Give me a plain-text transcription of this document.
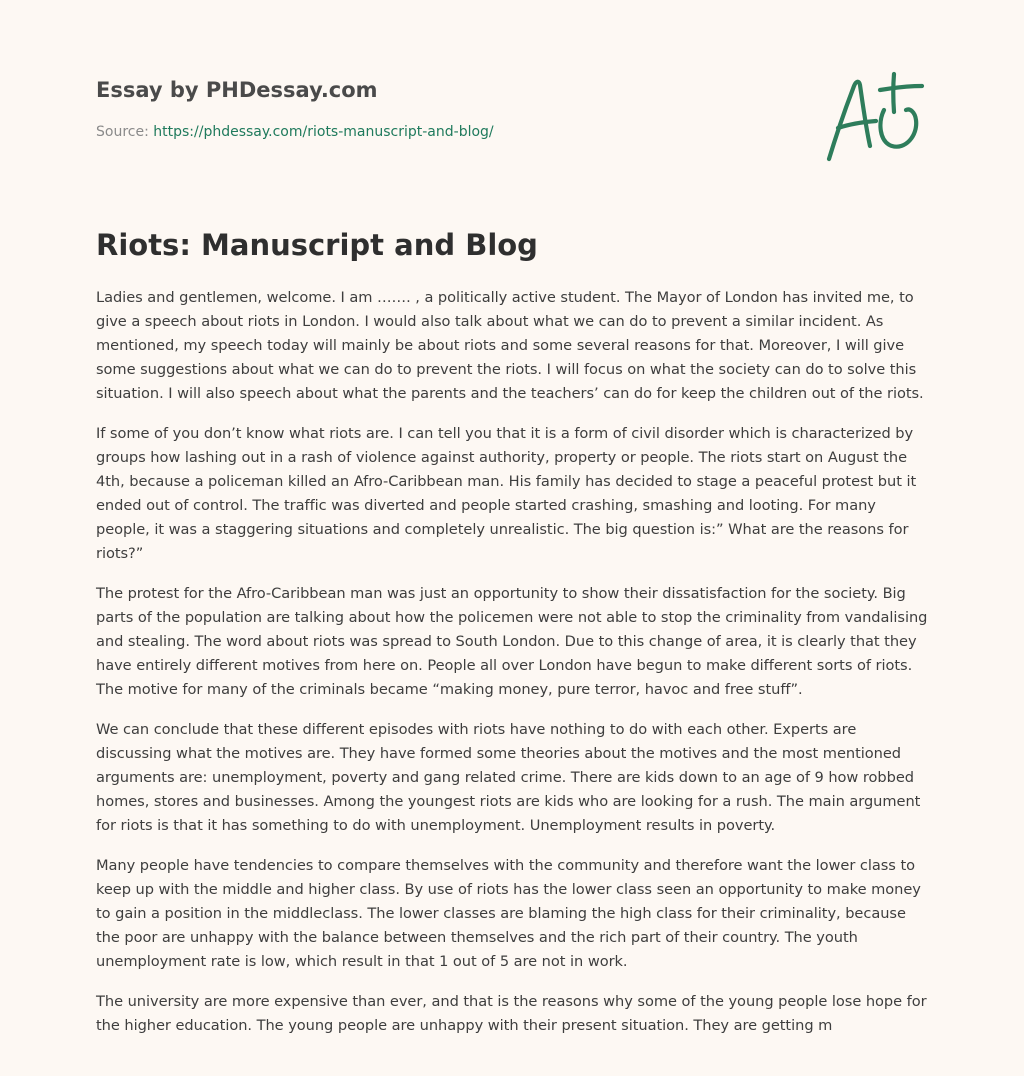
Essay by PHDessay.com
Source: https://phdessay.com/riots-manuscript-and-blog/
Riots: Manuscript and Blog

Ladies and gentlemen, welcome. I am ……. , a politically active student. The Mayor of London has invited me, to give a speech about riots in London. I would also talk about what we can do to prevent a similar incident. As mentioned, my speech today will mainly be about riots and some several reasons for that. Moreover, I will give some suggestions about what we can do to prevent the riots. I will focus on what the society can do to solve this situation. I will also speech about what the parents and the teachers’ can do for keep the children out of the riots.

If some of you don’t know what riots are. I can tell you that it is a form of civil disorder which is characterized by groups how lashing out in a rash of violence against authority, property or people. The riots start on August the 4th, because a policeman killed an Afro-Caribbean man. His family has decided to stage a peaceful protest but it ended out of control. The traffic was diverted and people started crashing, smashing and looting. For many people, it was a staggering situations and completely unrealistic. The big question is:” What are the reasons for riots?”

The protest for the Afro-Caribbean man was just an opportunity to show their dissatisfaction for the society. Big parts of the population are talking about how the policemen were not able to stop the criminality from vandalising and stealing. The word about riots was spread to South London. Due to this change of area, it is clearly that they have entirely different motives from here on. People all over London have begun to make different sorts of riots. The motive for many of the criminals became “making money, pure terror, havoc and free stuff”.

We can conclude that these different episodes with riots have nothing to do with each other. Experts are discussing what the motives are. They have formed some theories about the motives and the most mentioned arguments are: unemployment, poverty and gang related crime. There are kids down to an age of 9 how robbed homes, stores and businesses. Among the youngest riots are kids who are looking for a rush. The main argument for riots is that it has something to do with unemployment. Unemployment results in poverty.

Many people have tendencies to compare themselves with the community and therefore want the lower class to keep up with the middle and higher class. By use of riots has the lower class seen an opportunity to make money to gain a position in the middleclass. The lower classes are blaming the high class for their criminality, because the poor are unhappy with the balance between themselves and the rich part of their country. The youth unemployment rate is low, which result in that 1 out of 5 are not in work.

The university are more expensive than ever, and that is the reasons why some of the young people lose hope for the higher education. The young people are unhappy with their present situation. They are getting m
